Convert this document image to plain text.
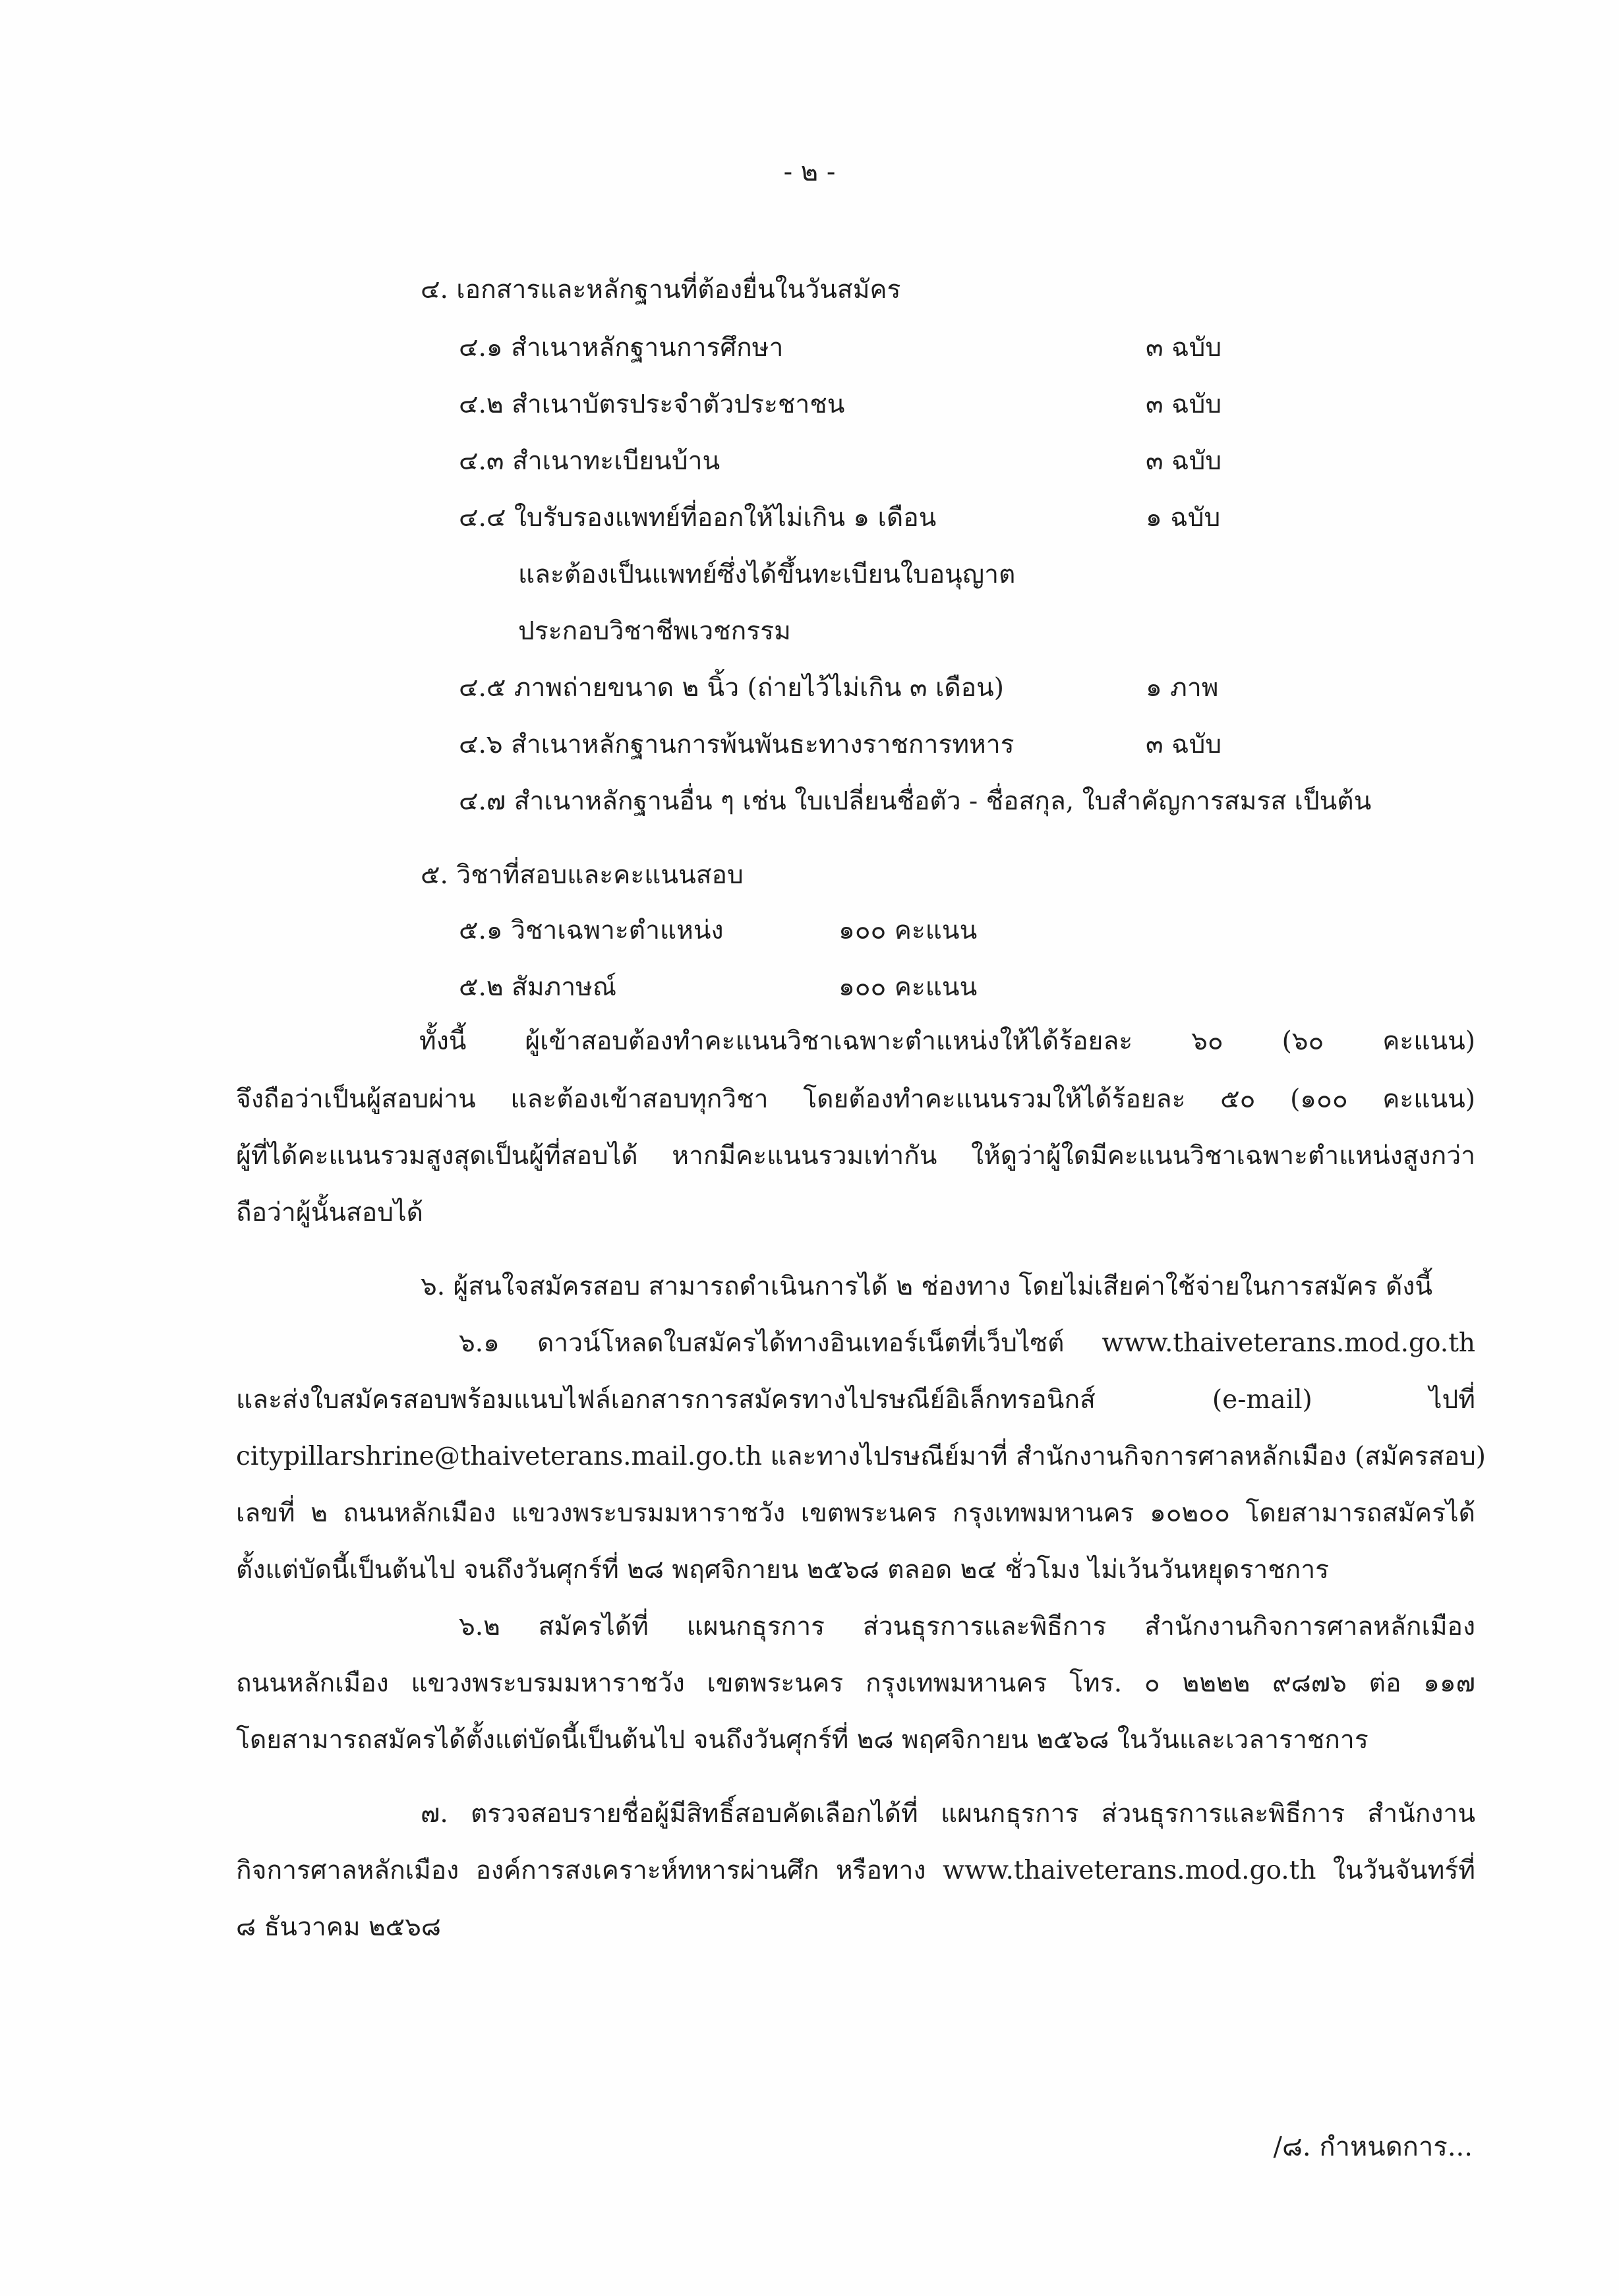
- ๒ -
๔. เอกสารและหลักฐานที่ต้องยื่นในวันสมัคร
๔.๑ สำเนาหลักฐานการศึกษา	๓ ฉบับ
๔.๒ สำเนาบัตรประจำตัวประชาชน	๓ ฉบับ
๔.๓ สำเนาทะเบียนบ้าน	๓ ฉบับ
๔.๔ ใบรับรองแพทย์ที่ออกให้ไม่เกิน ๑ เดือน	๑ ฉบับ
และต้องเป็นแพทย์ซึ่งได้ขึ้นทะเบียนใบอนุญาต
ประกอบวิชาชีพเวชกรรม
๔.๕ ภาพถ่ายขนาด ๒ นิ้ว (ถ่ายไว้ไม่เกิน ๓ เดือน)	๑ ภาพ
๔.๖ สำเนาหลักฐานการพ้นพันธะทางราชการทหาร	๓ ฉบับ
๔.๗ สำเนาหลักฐานอื่น ๆ เช่น ใบเปลี่ยนชื่อตัว - ชื่อสกุล, ใบสำคัญการสมรส เป็นต้น
๕. วิชาที่สอบและคะแนนสอบ
๕.๑ วิชาเฉพาะตำแหน่ง	๑๐๐ คะแนน
๕.๒ สัมภาษณ์	๑๐๐ คะแนน
ทั้งนี้ ผู้เข้าสอบต้องทำคะแนนวิชาเฉพาะตำแหน่งให้ได้ร้อยละ ๖๐ (๖๐ คะแนน)
จึงถือว่าเป็นผู้สอบผ่าน และต้องเข้าสอบทุกวิชา โดยต้องทำคะแนนรวมให้ได้ร้อยละ ๕๐ (๑๐๐ คะแนน)
ผู้ที่ได้คะแนนรวมสูงสุดเป็นผู้ที่สอบได้ หากมีคะแนนรวมเท่ากัน ให้ดูว่าผู้ใดมีคะแนนวิชาเฉพาะตำแหน่งสูงกว่า
ถือว่าผู้นั้นสอบได้
๖. ผู้สนใจสมัครสอบ สามารถดำเนินการได้ ๒ ช่องทาง โดยไม่เสียค่าใช้จ่ายในการสมัคร ดังนี้
๖.๑ ดาวน์โหลดใบสมัครได้ทางอินเทอร์เน็ตที่เว็บไซต์ www.thaiveterans.mod.go.th
และส่งใบสมัครสอบพร้อมแนบไฟล์เอกสารการสมัครทางไปรษณีย์อิเล็กทรอนิกส์ (e-mail) ไปที่
citypillarshrine@thaiveterans.mail.go.th และทางไปรษณีย์มาที่ สำนักงานกิจการศาลหลักเมือง (สมัครสอบ)
เลขที่ ๒ ถนนหลักเมือง แขวงพระบรมมหาราชวัง เขตพระนคร กรุงเทพมหานคร ๑๐๒๐๐ โดยสามารถสมัครได้
ตั้งแต่บัดนี้เป็นต้นไป จนถึงวันศุกร์ที่ ๒๘ พฤศจิกายน ๒๕๖๘ ตลอด ๒๔ ชั่วโมง ไม่เว้นวันหยุดราชการ
๖.๒ สมัครได้ที่ แผนกธุรการ ส่วนธุรการและพิธีการ สำนักงานกิจการศาลหลักเมือง
ถนนหลักเมือง แขวงพระบรมมหาราชวัง เขตพระนคร กรุงเทพมหานคร โทร. ๐ ๒๒๒๒ ๙๘๗๖ ต่อ ๑๑๗
โดยสามารถสมัครได้ตั้งแต่บัดนี้เป็นต้นไป จนถึงวันศุกร์ที่ ๒๘ พฤศจิกายน ๒๕๖๘ ในวันและเวลาราชการ
๗. ตรวจสอบรายชื่อผู้มีสิทธิ์สอบคัดเลือกได้ที่ แผนกธุรการ ส่วนธุรการและพิธีการ สำนักงาน
กิจการศาลหลักเมือง องค์การสงเคราะห์ทหารผ่านศึก หรือทาง www.thaiveterans.mod.go.th ในวันจันทร์ที่
๘ ธันวาคม ๒๕๖๘
/๘. กำหนดการ...
